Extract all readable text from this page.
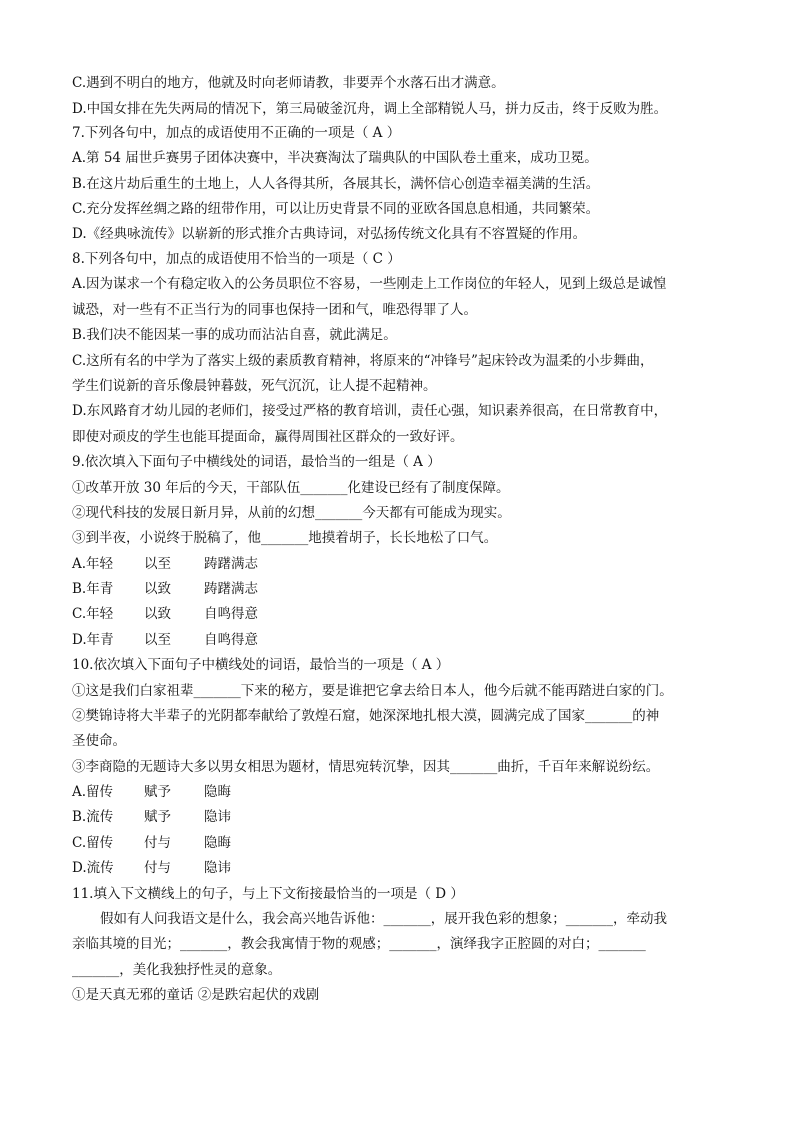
C.遇到不明白的地方，他就及时向老师请教，非要弄个水落石出才满意。
D.中国女排在先失两局的情况下，第三局破釜沉舟，调上全部精锐人马，拼力反击，终于反败为胜。
7.下列各句中，加点的成语使用不正确的一项是（ A ）
A.第 54 届世乒赛男子团体决赛中，半决赛淘汰了瑞典队的中国队卷土重来，成功卫冕。
B.在这片劫后重生的土地上，人人各得其所，各展其长，满怀信心创造幸福美满的生活。
C.充分发挥丝绸之路的纽带作用，可以让历史背景不同的亚欧各国息息相通，共同繁荣。
D.《经典咏流传》以崭新的形式推介古典诗词，对弘扬传统文化具有不容置疑的作用。
8.下列各句中，加点的成语使用不恰当的一项是（ C ）
A.因为谋求一个有稳定收入的公务员职位不容易，一些刚走上工作岗位的年轻人，见到上级总是诚惶
诚恐，对一些有不正当行为的同事也保持一团和气，唯恐得罪了人。
B.我们决不能因某一事的成功而沾沾自喜，就此满足。
C.这所有名的中学为了落实上级的素质教育精神，将原来的“冲锋号”起床铃改为温柔的小步舞曲，
学生们说新的音乐像晨钟暮鼓，死气沉沉，让人提不起精神。
D.东风路育才幼儿园的老师们，接受过严格的教育培训，责任心强，知识素养很高，在日常教育中，
即使对顽皮的学生也能耳提面命，赢得周围社区群众的一致好评。
9.依次填入下面句子中横线处的词语，最恰当的一组是（ A ）
①改革开放 30 年后的今天，干部队伍_______化建设已经有了制度保障。
②现代科技的发展日新月异，从前的幻想_______今天都有可能成为现实。
③到半夜，小说终于脱稿了，他_______地摸着胡子，长长地松了口气。
A.年轻 以至 踌躇满志
B.年青 以致 踌躇满志
C.年轻 以致 自鸣得意
D.年青 以至 自鸣得意
10.依次填入下面句子中横线处的词语，最恰当的一项是（ A ）
①这是我们白家祖辈_______下来的秘方，要是谁把它拿去给日本人，他今后就不能再踏进白家的门。
②樊锦诗将大半辈子的光阴都奉献给了敦煌石窟，她深深地扎根大漠，圆满完成了国家_______的神
圣使命。
③李商隐的无题诗大多以男女相思为题材，情思宛转沉挚，因其_______曲折，千百年来解说纷纭。
A.留传 赋予 隐晦
B.流传 赋予 隐讳
C.留传 付与 隐晦
D.流传 付与 隐讳
11.填入下文横线上的句子，与上下文衔接最恰当的一项是（ D ）
假如有人问我语文是什么，我会高兴地告诉他：_______，展开我色彩的想象；_______，牵动我
亲临其境的目光；_______，教会我寓情于物的观感；_______，演绎我字正腔圆的对白；_______
_______，美化我独抒性灵的意象。
①是天真无邪的童话 ②是跌宕起伏的戏剧
